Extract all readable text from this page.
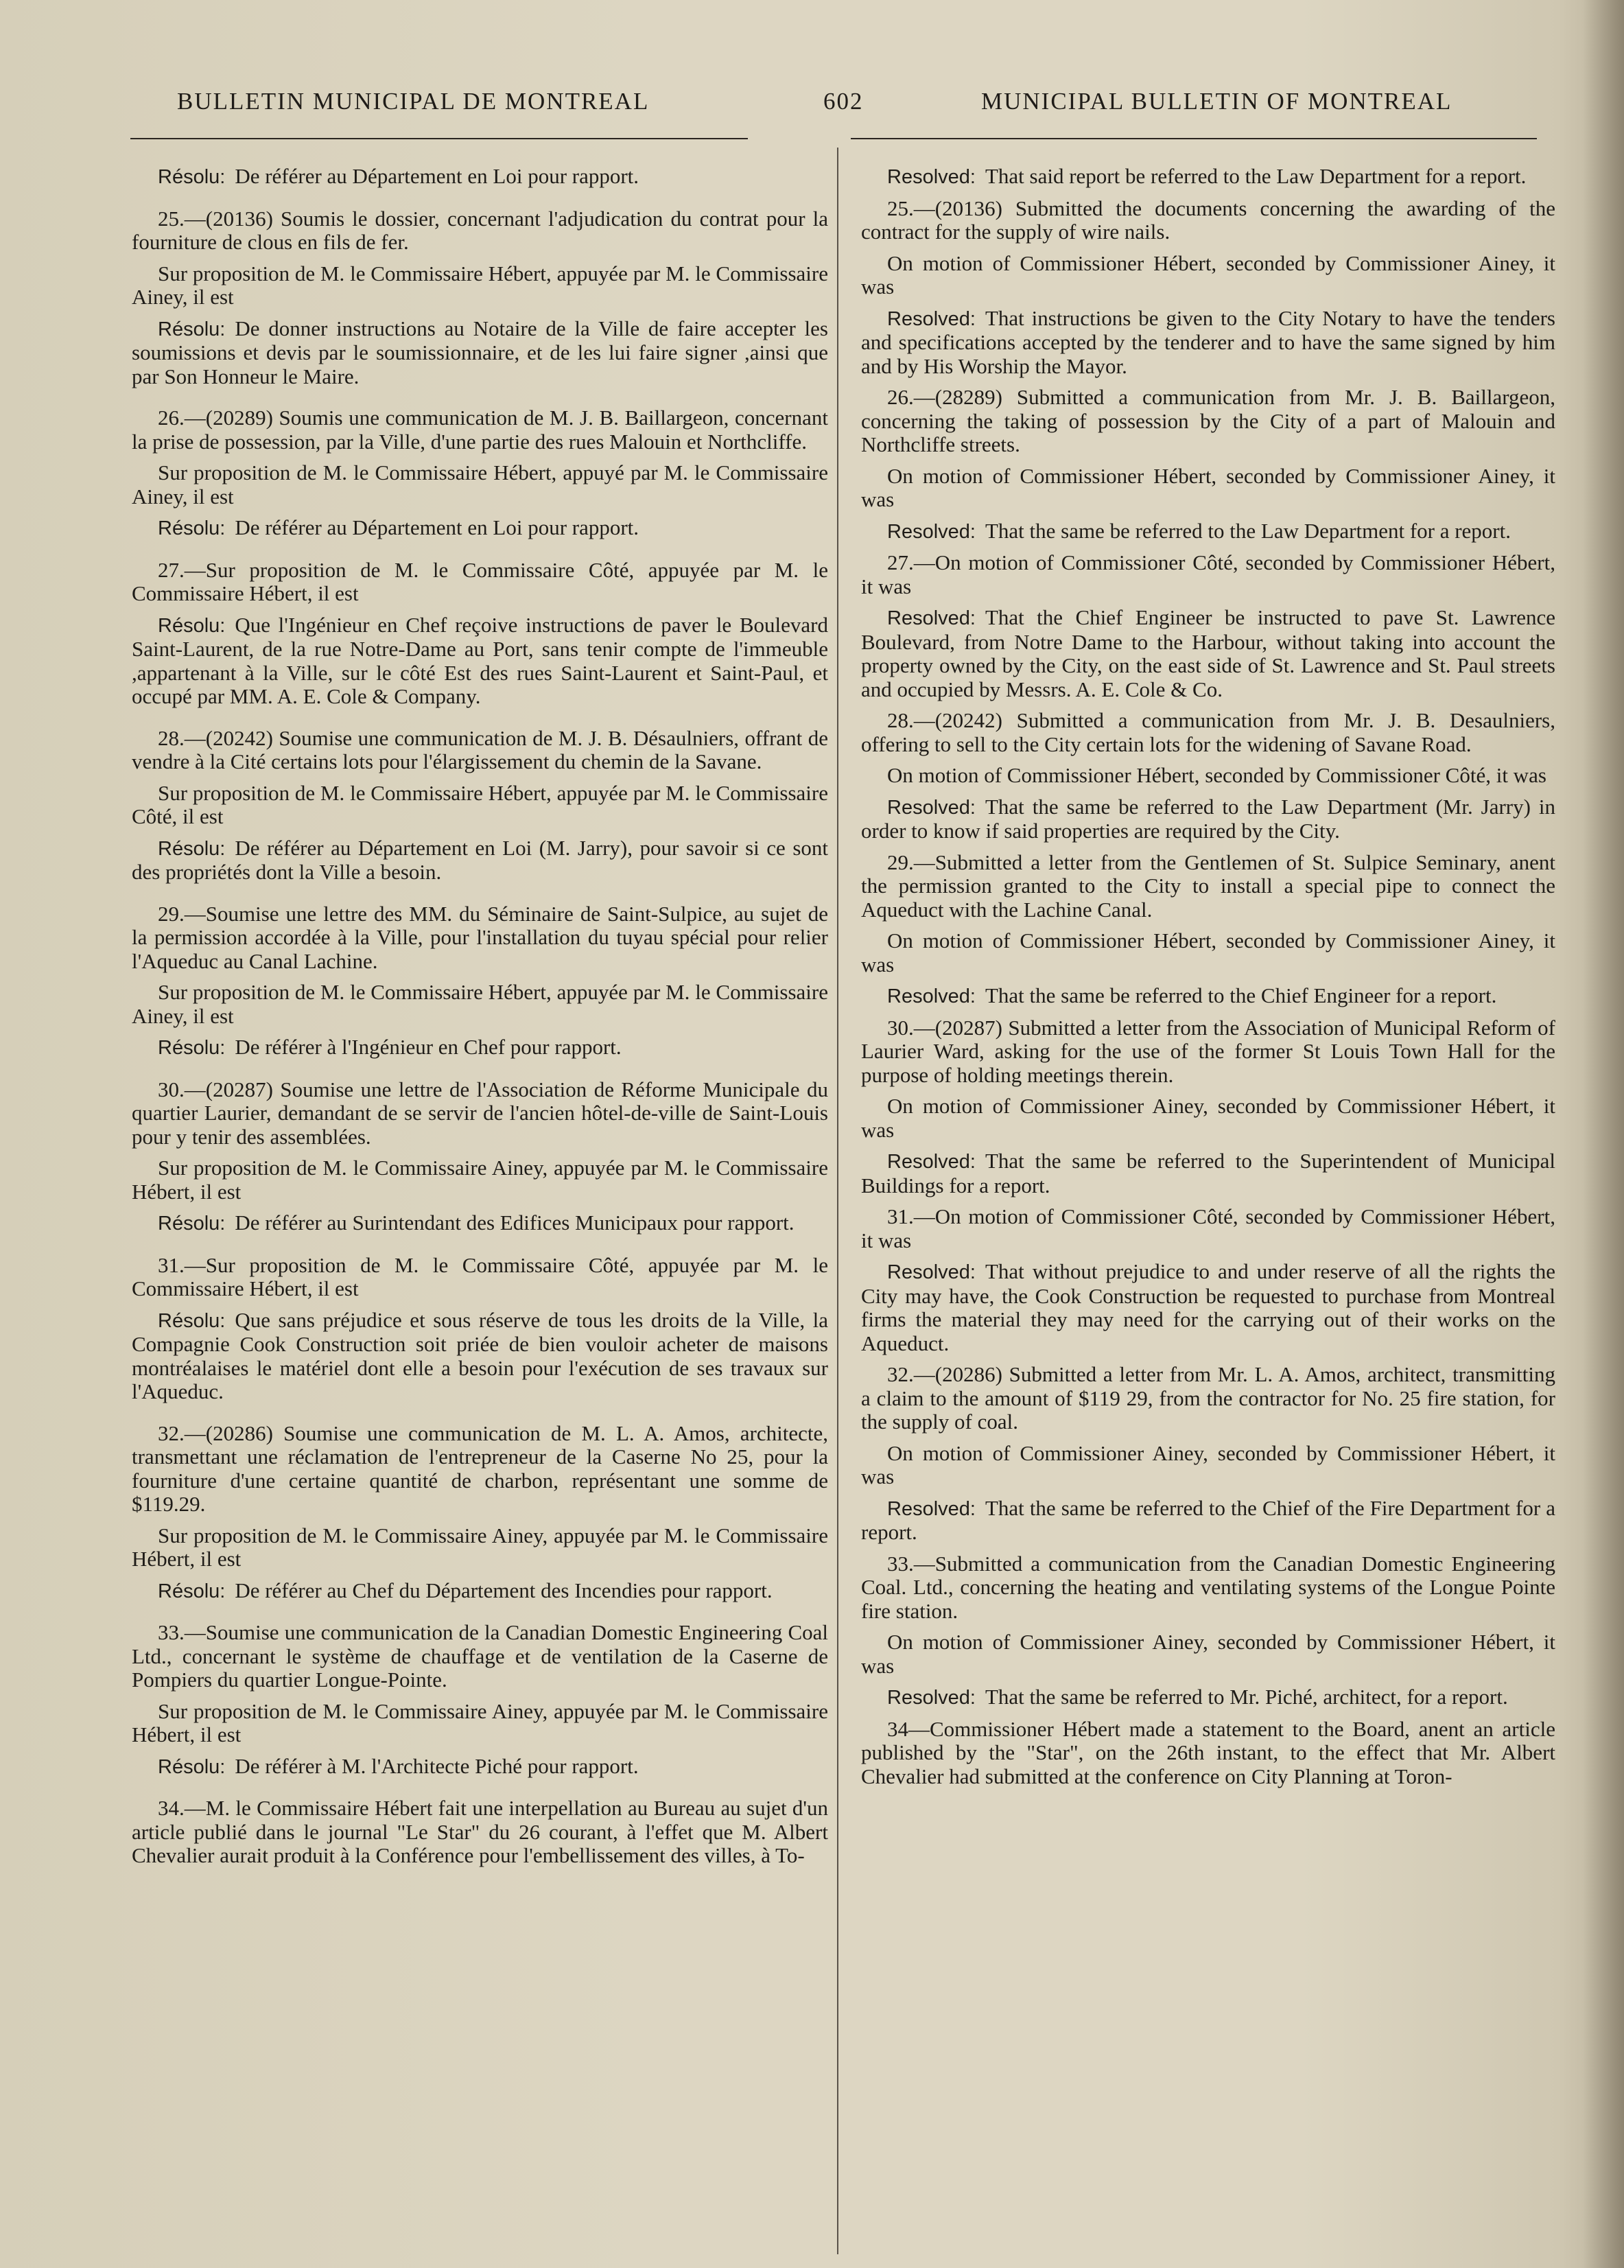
BULLETIN MUNICIPAL DE MONTREAL	602	MUNICIPAL BULLETIN OF MONTREAL

Résolu: De référer au Département en Loi pour rapport.

25.—(20136) Soumis le dossier, concernant l'adjudication du contrat pour la fourniture de clous en fils de fer.

Sur proposition de M. le Commissaire Hébert, appuyée par M. le Commissaire Ainey, il est

Résolu: De donner instructions au Notaire de la Ville de faire accepter les soumissions et devis par le soumissionnaire, et de les lui faire signer ,ainsi que par Son Honneur le Maire.

26.—(20289) Soumis une communication de M. J. B. Baillargeon, concernant la prise de possession, par la Ville, d'une partie des rues Malouin et Northcliffe.

Sur proposition de M. le Commissaire Hébert, appuyé par M. le Commissaire Ainey, il est

Résolu: De référer au Département en Loi pour rapport.

27.—Sur proposition de M. le Commissaire Côté, appuyée par M. le Commissaire Hébert, il est

Résolu: Que l'Ingénieur en Chef reçoive instructions de paver le Boulevard Saint-Laurent, de la rue Notre-Dame au Port, sans tenir compte de l'immeuble ,appartenant à la Ville, sur le côté Est des rues Saint-Laurent et Saint-Paul, et occupé par MM. A. E. Cole & Company.

28.—(20242) Soumise une communication de M. J. B. Désaulniers, offrant de vendre à la Cité certains lots pour l'élargissement du chemin de la Savane.

Sur proposition de M. le Commissaire Hébert, appuyée par M. le Commissaire Côté, il est

Résolu: De référer au Département en Loi (M. Jarry), pour savoir si ce sont des propriétés dont la Ville a besoin.

29.—Soumise une lettre des MM. du Séminaire de Saint-Sulpice, au sujet de la permission accordée à la Ville, pour l'installation du tuyau spécial pour relier l'Aqueduc au Canal Lachine.

Sur proposition de M. le Commissaire Hébert, appuyée par M. le Commissaire Ainey, il est

Résolu: De référer à l'Ingénieur en Chef pour rapport.

30.—(20287) Soumise une lettre de l'Association de Réforme Municipale du quartier Laurier, demandant de se servir de l'ancien hôtel-de-ville de Saint-Louis pour y tenir des assemblées.

Sur proposition de M. le Commissaire Ainey, appuyée par M. le Commissaire Hébert, il est

Résolu: De référer au Surintendant des Edifices Municipaux pour rapport.

31.—Sur proposition de M. le Commissaire Côté, appuyée par M. le Commissaire Hébert, il est

Résolu: Que sans préjudice et sous réserve de tous les droits de la Ville, la Compagnie Cook Construction soit priée de bien vouloir acheter de maisons montréalaises le matériel dont elle a besoin pour l'exécution de ses travaux sur l'Aqueduc.

32.—(20286) Soumise une communication de M. L. A. Amos, architecte, transmettant une réclamation de l'entrepreneur de la Caserne No 25, pour la fourniture d'une certaine quantité de charbon, représentant une somme de $119.29.

Sur proposition de M. le Commissaire Ainey, appuyée par M. le Commissaire Hébert, il est

Résolu: De référer au Chef du Département des Incendies pour rapport.

33.—Soumise une communication de la Canadian Domestic Engineering Coal Ltd., concernant le système de chauffage et de ventilation de la Caserne de Pompiers du quartier Longue-Pointe.

Sur proposition de M. le Commissaire Ainey, appuyée par M. le Commissaire Hébert, il est

Résolu: De référer à M. l'Architecte Piché pour rapport.

34.—M. le Commissaire Hébert fait une interpellation au Bureau au sujet d'un article publié dans le journal "Le Star" du 26 courant, à l'effet que M. Albert Chevalier aurait produit à la Conférence pour l'embellissement des villes, à To-

Resolved: That said report be referred to the Law Department for a report.

25.—(20136) Submitted the documents concerning the awarding of the contract for the supply of wire nails.

On motion of Commissioner Hébert, seconded by Commissioner Ainey, it was

Resolved: That instructions be given to the City Notary to have the tenders and specifications accepted by the tenderer and to have the same signed by him and by His Worship the Mayor.

26.—(28289) Submitted a communication from Mr. J. B. Baillargeon, concerning the taking of possession by the City of a part of Malouin and Northcliffe streets.

On motion of Commissioner Hébert, seconded by Commissioner Ainey, it was

Resolved: That the same be referred to the Law Department for a report.

27.—On motion of Commissioner Côté, seconded by Commissioner Hébert, it was

Resolved: That the Chief Engineer be instructed to pave St. Lawrence Boulevard, from Notre Dame to the Harbour, without taking into account the property owned by the City, on the east side of St. Lawrence and St. Paul streets and occupied by Messrs. A. E. Cole & Co.

28.—(20242) Submitted a communication from Mr. J. B. Desaulniers, offering to sell to the City certain lots for the widening of Savane Road.

On motion of Commissioner Hébert, seconded by Commissioner Côté, it was

Resolved: That the same be referred to the Law Department (Mr. Jarry) in order to know if said properties are required by the City.

29.—Submitted a letter from the Gentlemen of St. Sulpice Seminary, anent the permission granted to the City to install a special pipe to connect the Aqueduct with the Lachine Canal.

On motion of Commissioner Hébert, seconded by Commissioner Ainey, it was

Resolved: That the same be referred to the Chief Engineer for a report.

30.—(20287) Submitted a letter from the Association of Municipal Reform of Laurier Ward, asking for the use of the former St Louis Town Hall for the purpose of holding meetings therein.

On motion of Commissioner Ainey, seconded by Commissioner Hébert, it was

Resolved: That the same be referred to the Superintendent of Municipal Buildings for a report.

31.—On motion of Commissioner Côté, seconded by Commissioner Hébert, it was

Resolved: That without prejudice to and under reserve of all the rights the City may have, the Cook Construction be requested to purchase from Montreal firms the material they may need for the carrying out of their works on the Aqueduct.

32.—(20286) Submitted a letter from Mr. L. A. Amos, architect, transmitting a claim to the amount of $119 29, from the contractor for No. 25 fire station, for the supply of coal.

On motion of Commissioner Ainey, seconded by Commissioner Hébert, it was

Resolved: That the same be referred to the Chief of the Fire Department for a report.

33.—Submitted a communication from the Canadian Domestic Engineering Coal. Ltd., concerning the heating and ventilating systems of the Longue Pointe fire station.

On motion of Commissioner Ainey, seconded by Commissioner Hébert, it was

Resolved: That the same be referred to Mr. Piché, architect, for a report.

34—Commissioner Hébert made a statement to the Board, anent an article published by the "Star", on the 26th instant, to the effect that Mr. Albert Chevalier had submitted at the conference on City Planning at Toron-
